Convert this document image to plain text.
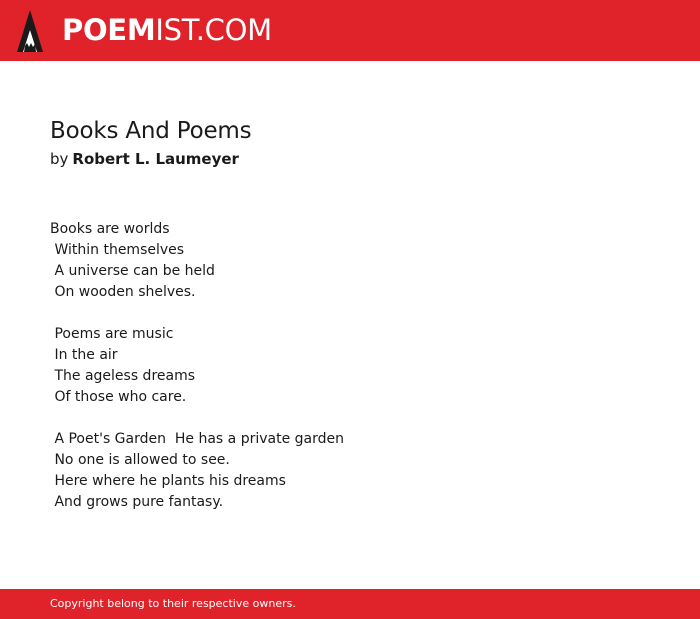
POEMIST.COM
Books And Poems
by Robert L. Laumeyer
Books are worlds
Within themselves
A universe can be held
On wooden shelves.
Poems are music
In the air
The ageless dreams
Of those who care.
A Poet's Garden  He has a private garden
No one is allowed to see.
Here where he plants his dreams
And grows pure fantasy.
Copyright belong to their respective owners.
